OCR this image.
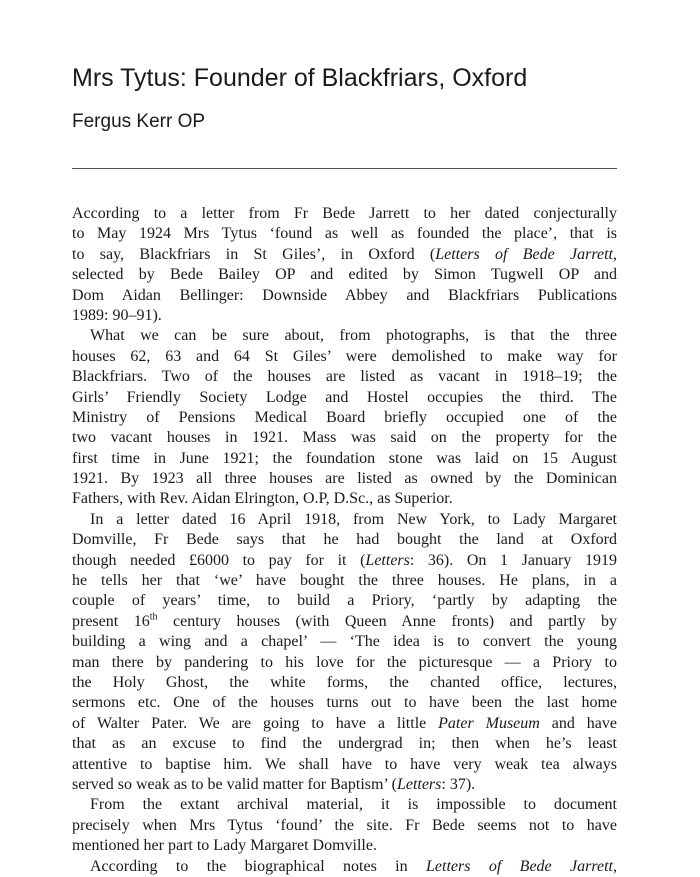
Mrs Tytus: Founder of Blackfriars, Oxford
Fergus Kerr OP
According to a letter from Fr Bede Jarrett to her dated conjecturally
to May 1924 Mrs Tytus ‘found as well as founded the place’, that is
to say, Blackfriars in St Giles’, in Oxford (Letters of Bede Jarrett,
selected by Bede Bailey OP and edited by Simon Tugwell OP and
Dom Aidan Bellinger: Downside Abbey and Blackfriars Publications
1989: 90–91).
What we can be sure about, from photographs, is that the three
houses 62, 63 and 64 St Giles’ were demolished to make way for
Blackfriars. Two of the houses are listed as vacant in 1918–19; the
Girls’ Friendly Society Lodge and Hostel occupies the third. The
Ministry of Pensions Medical Board briefly occupied one of the
two vacant houses in 1921. Mass was said on the property for the
first time in June 1921; the foundation stone was laid on 15 August
1921. By 1923 all three houses are listed as owned by the Dominican
Fathers, with Rev. Aidan Elrington, O.P, D.Sc., as Superior.
In a letter dated 16 April 1918, from New York, to Lady Margaret
Domville, Fr Bede says that he had bought the land at Oxford
though needed £6000 to pay for it (Letters: 36). On 1 January 1919
he tells her that ‘we’ have bought the three houses. He plans, in a
couple of years’ time, to build a Priory, ‘partly by adapting the
present 16th century houses (with Queen Anne fronts) and partly by
building a wing and a chapel’ — ‘The idea is to convert the young
man there by pandering to his love for the picturesque — a Priory to
the Holy Ghost, the white forms, the chanted office, lectures,
sermons etc. One of the houses turns out to have been the last home
of Walter Pater. We are going to have a little Pater Museum and have
that as an excuse to find the undergrad in; then when he’s least
attentive to baptise him. We shall have to have very weak tea always
served so weak as to be valid matter for Baptism’ (Letters: 37).
From the extant archival material, it is impossible to document
precisely when Mrs Tytus ‘found’ the site. Fr Bede seems not to have
mentioned her part to Lady Margaret Domville.
According to the biographical notes in Letters of Bede Jarrett,
